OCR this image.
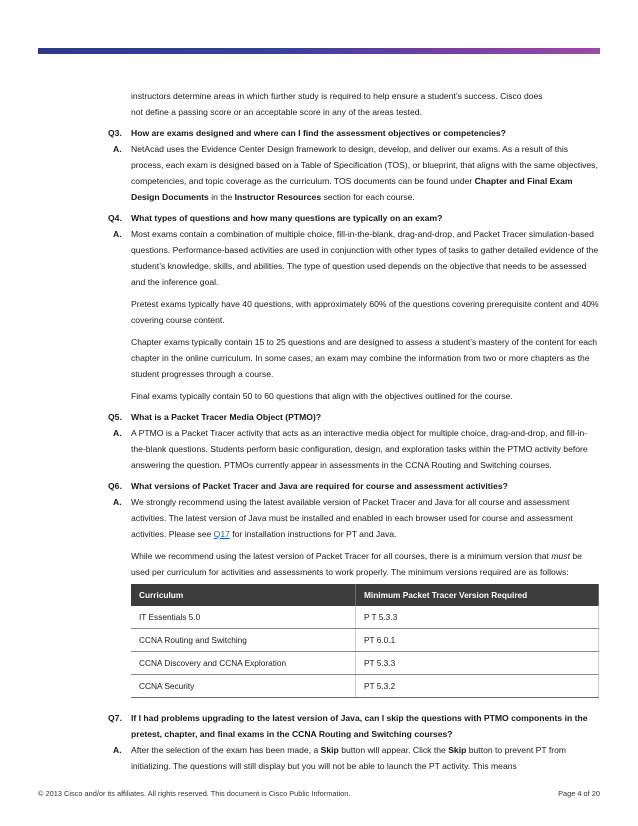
instructors determine areas in which further study is required to help ensure a student’s success. Cisco does
not define a passing score or an acceptable score in any of the areas tested.

Q3. How are exams designed and where can I find the assessment objectives or competencies?
A. NetAcad uses the Evidence Center Design framework to design, develop, and deliver our exams. As a result of this process, each exam is designed based on a Table of Specification (TOS), or blueprint, that aligns with the same objectives, competencies, and topic coverage as the curriculum. TOS documents can be found under Chapter and Final Exam Design Documents in the Instructor Resources section for each course.
Q4. What types of questions and how many questions are typically on an exam?
A. Most exams contain a combination of multiple choice, fill-in-the-blank, drag-and-drop, and Packet Tracer simulation-based questions. Performance-based activities are used in conjunction with other types of tasks to gather detailed evidence of the student’s knowledge, skills, and abilities. The type of question used depends on the objective that needs to be assessed and the inference goal.

Pretest exams typically have 40 questions, with approximately 60% of the questions covering prerequisite content and 40% covering course content.

Chapter exams typically contain 15 to 25 questions and are designed to assess a student’s mastery of the content for each chapter in the online curriculum. In some cases, an exam may combine the information from two or more chapters as the student progresses through a course.

Final exams typically contain 50 to 60 questions that align with the objectives outlined for the course.

Q5. What is a Packet Tracer Media Object (PTMO)?
A. A PTMO is a Packet Tracer activity that acts as an interactive media object for multiple choice, drag-and-drop, and fill-in-the-blank questions. Students perform basic configuration, design, and exploration tasks within the PTMO activity before answering the question. PTMOs currently appear in assessments in the CCNA Routing and Switching courses.
Q6. What versions of Packet Tracer and Java are required for course and assessment activities?
A. We strongly recommend using the latest available version of Packet Tracer and Java for all course and assessment activities. The latest version of Java must be installed and enabled in each browser used for course and assessment activities. Please see Q17 for installation instructions for PT and Java.

While we recommend using the latest version of Packet Tracer for all courses, there is a minimum version that must be used per curriculum for activities and assessments to work properly. The minimum versions required are as follows:

Curriculum	Minimum Packet Tracer Version Required
IT Essentials 5.0	P T 5.3.3
CCNA Routing and Switching	PT 6.0.1
CCNA Discovery and CCNA Exploration	PT 5.3.3
CCNA Security	PT 5.3.2
Q7. If I had problems upgrading to the latest version of Java, can I skip the questions with PTMO components in the pretest, chapter, and final exams in the CCNA Routing and Switching courses?
A. After the selection of the exam has been made, a Skip button will appear. Click the Skip button to prevent PT from initializing. The questions will still display but you will not be able to launch the PT activity. This means
© 2013 Cisco and/or its affiliates. All rights reserved. This document is Cisco Public Information.	Page 4 of 20
